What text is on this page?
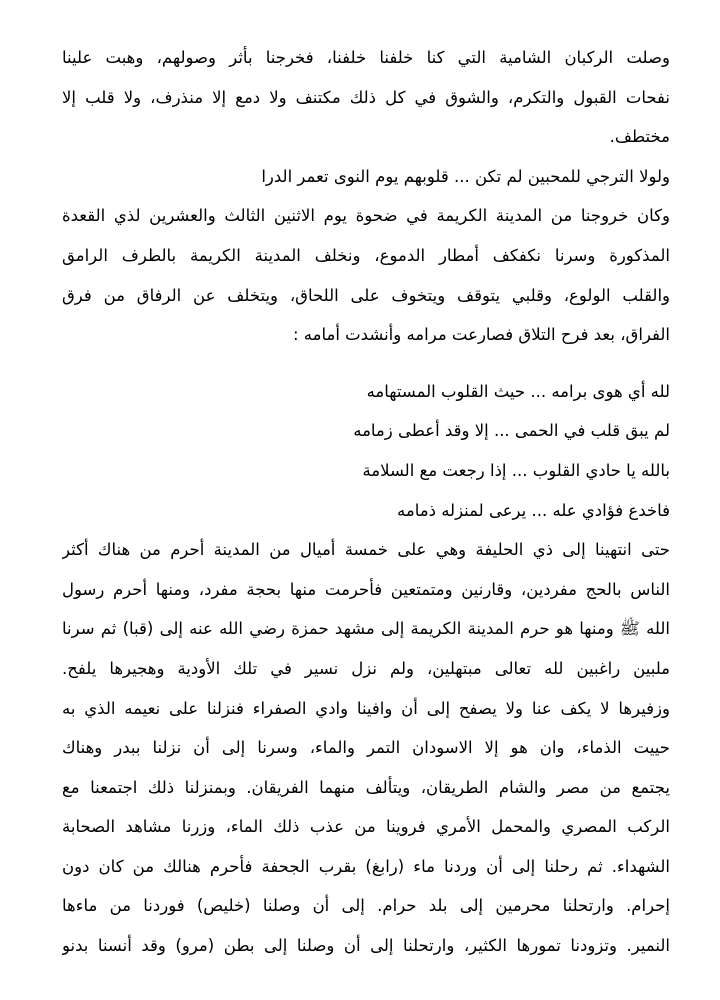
وصلت الركبان الشامية التي كنا خلفنا خلفنا، فخرجنا بأثر وصولهم، وهبت علينا
نفحات القبول والتكرم، والشوق في كل ذلك مكتنف ولا دمع إلا منذرف، ولا قلب إلا
مختطف.
ولولا الترجي للمحبين لم تكن ... قلوبهم يوم النوى تعمر الدرا
وكان خروجنا من المدينة الكريمة في ضحوة يوم الاثنين الثالث والعشرين لذي القعدة
المذكورة وسرنا نكفكف أمطار الدموع، ونخلف المدينة الكريمة بالطرف الرامق
والقلب الولوع، وقلبي يتوقف ويتخوف على اللحاق، ويتخلف عن الرفاق من فرق
الفراق، بعد فرح التلاق فصارعت مرامه وأنشدت أمامه :
لله أي هوى برامه ... حيث القلوب المستهامه
لم يبق قلب في الحمى ... إلا وقد أعطى زمامه
بالله يا حادي القلوب ... إذا رجعت مع السلامة
فاخدع فؤادي عله ... يرعى لمنزله ذمامه
حتى انتهينا إلى ذي الحليفة وهي على خمسة أميال من المدينة أحرم من هناك أكثر
الناس بالحج مفردين، وقارنين ومتمتعين فأحرمت منها بحجة مفرد، ومنها أحرم رسول
الله ﷺ ومنها هو حرم المدينة الكريمة إلى مشهد حمزة رضي الله عنه إلى (قبا) ثم سرنا
ملبين راغبين لله تعالى مبتهلين، ولم نزل نسير في تلك الأودية وهجيرها يلفح.
وزفيرها لا يكف عنا ولا يصفح إلى أن وافينا وادي الصفراء فنزلنا على نعيمه الذي به
حييت الذماء، وان هو إلا الاسودان التمر والماء، وسرنا إلى أن نزلنا ببدر وهناك
يجتمع من مصر والشام الطريقان، ويتألف منهما الفريقان. وبمنزلنا ذلك اجتمعنا مع
الركب المصري والمحمل الأمري فروينا من عذب ذلك الماء، وزرنا مشاهد الصحابة
الشهداء. ثم رحلنا إلى أن وردنا ماء (رابغ) بقرب الجحفة فأحرم هنالك من كان دون
إحرام. وارتحلنا محرمين إلى بلد حرام. إلى أن وصلنا (خليص) فوردنا من ماءها
النمير. وتزودنا تمورها الكثير، وارتحلنا إلى أن وصلنا إلى بطن (مرو) وقد أنسنا بدنو
